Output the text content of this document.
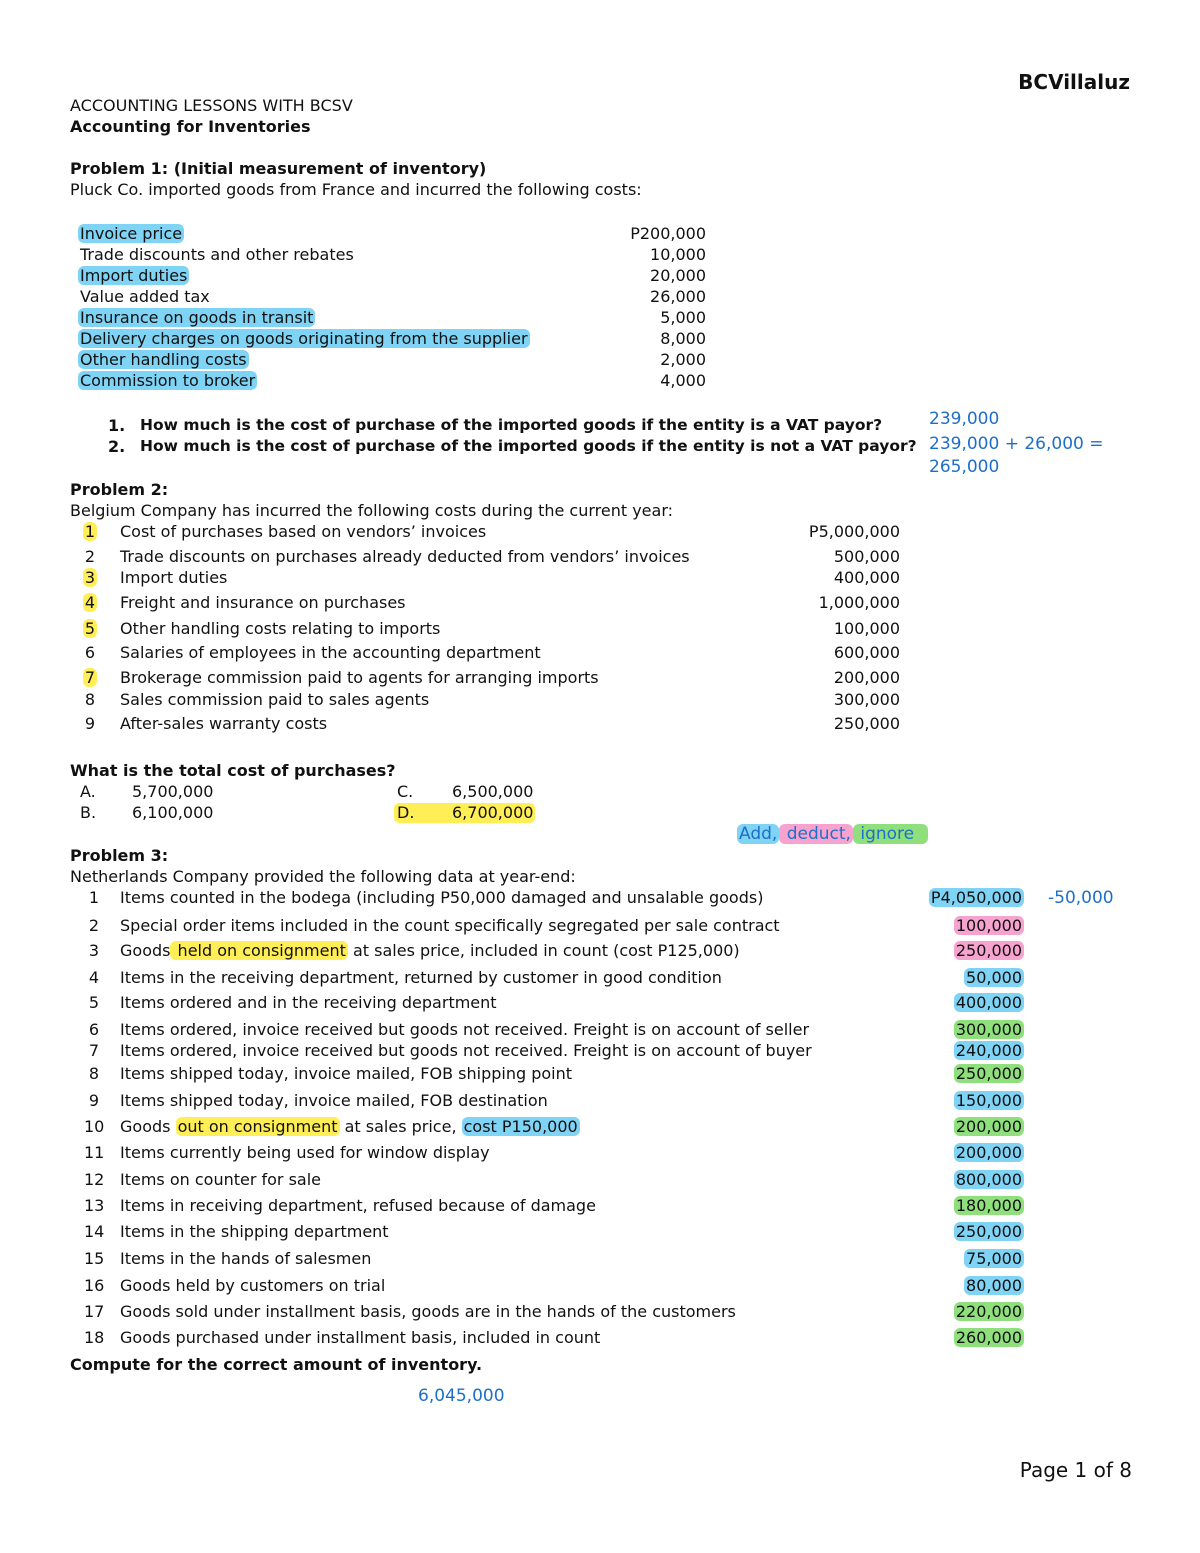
BCVillaluz
ACCOUNTING LESSONS WITH BCSV
Accounting for Inventories
Problem 1: (Initial measurement of inventory)
Pluck Co. imported goods from France and incurred the following costs:
Invoice price	P200,000
Trade discounts and other rebates	10,000
Import duties	20,000
Value added tax	26,000
Insurance on goods in transit	5,000
Delivery charges on goods originating from the supplier	8,000
Other handling costs	2,000
Commission to broker	4,000
1. How much is the cost of purchase of the imported goods if the entity is a VAT payor?
2. How much is the cost of purchase of the imported goods if the entity is not a VAT payor?
239,000
239,000 + 26,000 =
265,000
Problem 2:
Belgium Company has incurred the following costs during the current year:
1	Cost of purchases based on vendors’ invoices	P5,000,000
2	Trade discounts on purchases already deducted from vendors’ invoices	500,000
3	Import duties	400,000
4	Freight and insurance on purchases	1,000,000
5	Other handling costs relating to imports	100,000
6	Salaries of employees in the accounting department	600,000
7	Brokerage commission paid to agents for arranging imports	200,000
8	Sales commission paid to sales agents	300,000
9	After-sales warranty costs	250,000
What is the total cost of purchases?
A. 5,700,000
B. 6,100,000
C. 6,500,000
D. 6,700,000
Add, deduct, ignore
Problem 3:
Netherlands Company provided the following data at year-end:
1	Items counted in the bodega (including P50,000 damaged and unsalable goods)	P4,050,000 -50,000
2	Special order items included in the count specifically segregated per sale contract	100,000
3	Goods held on consignment at sales price, included in count (cost P125,000)	250,000
4	Items in the receiving department, returned by customer in good condition	50,000
5	Items ordered and in the receiving department	400,000
6	Items ordered, invoice received but goods not received. Freight is on account of seller	300,000
7	Items ordered, invoice received but goods not received. Freight is on account of buyer	240,000
8	Items shipped today, invoice mailed, FOB shipping point	250,000
9	Items shipped today, invoice mailed, FOB destination	150,000
10 Goods out on consignment at sales price, cost P150,000	200,000
11 Items currently being used for window display	200,000
12 Items on counter for sale	800,000
13 Items in receiving department, refused because of damage	180,000
14 Items in the shipping department	250,000
15 Items in the hands of salesmen	75,000
16 Goods held by customers on trial	80,000
17 Goods sold under installment basis, goods are in the hands of the customers	220,000
18 Goods purchased under installment basis, included in count	260,000
Compute for the correct amount of inventory.
6,045,000
Page 1 of 8
